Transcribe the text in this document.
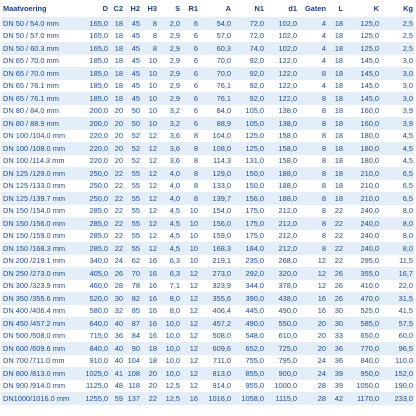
Maatvoering	D	C2	H2	H3	S	R1	A	N1	d1	Gaten	L	K	Kg
DN 50 / 54.0 mm	165,0	18	45	8	2,0	6	54,0	72,0	102,0	4	18	125,0	2,5
DN 50 / 57.0 mm	165,0	18	45	8	2,9	6	57,0	72,0	102,0	4	18	125,0	2,5
DN 50 / 60.3 mm	165,0	18	45	8	2,9	6	60,3	74,0	102,0	4	18	125,0	2,5
DN 65 / 70.0 mm	185,0	18	45	10	2,9	6	70,0	92,0	122,0	4	18	145,0	3,0
DN 65 / 70.0 mm	185,0	18	45	10	2,9	6	70,0	92,0	122,0	8	18	145,0	3,0
DN 65 / 76.1 mm	185,0	18	45	10	2,9	6	76,1	92,0	122,0	4	18	145,0	3,0
DN 65 / 76.1 mm	185,0	18	45	10	2,9	6	76,1	92,0	122,0	8	18	145,0	3,0
DN 80 / 84.0 mm	200,0	20	50	10	3,2	6	84,0	105,0	138,0	8	18	160,0	3,9
DN 80 / 88.9 mm	200,0	20	50	10	3,2	6	88,9	105,0	138,0	8	18	160,0	3,9
DN 100 /104.0 mm	220,0	20	52	12	3,6	8	104,0	125,0	158,0	8	18	180,0	4,5
DN 100 /108.0 mm	220,0	20	52	12	3,6	8	108,0	125,0	158,0	8	18	180,0	4,5
DN 100 /114.3 mm	220,0	20	52	12	3,6	8	114,3	131,0	158,0	8	18	180,0	4,5
DN 125 /129.0 mm	250,0	22	55	12	4,0	8	129,0	150,0	188,0	8	18	210,0	6,5
DN 125 /133.0 mm	250,0	22	55	12	4,0	8	133,0	150,0	188,0	8	18	210,0	6,5
DN 125 /139.7 mm	250,0	22	55	12	4,0	8	139,7	156,0	188,0	8	18	210,0	6,5
DN 150 /154.0 mm	285,0	22	55	12	4,5	10	154,0	175,0	212,0	8	22	240,0	8,0
DN 150 /156.0 mm	285,0	22	55	12	4,5	10	156,0	175,0	212,0	8	22	240,0	8,0
DN 150 /159.0 mm	285,0	22	55	12	4,5	10	159,0	175,0	212,0	8	22	240,0	8,0
DN 150 /168.3 mm	285,0	22	55	12	4,5	10	168,3	184,0	212,0	8	22	240,0	8,0
DN 200 /219.1 mm	340,0	24	62	16	6,3	10	219,1	235,0	268,0	12	22	295,0	11,5
DN 250 /273.0 mm	405,0	26	70	16	6,3	12	273,0	292,0	320,0	12	26	355,0	16,7
DN 300 /323.9 mm	460,0	28	78	16	7,1	12	323,9	344,0	378,0	12	26	410,0	22,0
DN 350 /355.6 mm	520,0	30	82	16	8,0	12	355,6	390,0	438,0	16	26	470,0	31,5
DN 400 /406.4 mm	580,0	32	85	16	8,0	12	406,4	445,0	490,0	16	30	525,0	41,5
DN 450 /457.2 mm	640,0	40	87	16	10,0	12	457,2	490,0	550,0	20	30	585,0	57,5
DN 500 /508.0 mm	715,0	36	84	16	10,0	12	508,0	548,0	610,0	20	33	650,0	60,0
DN 600 /609.6 mm	840,0	40	90	18	10,0	12	609,6	652,0	725,0	20	36	770,0	96,5
DN 700 /711.0 mm	910,0	40	104	18	10,0	12	711,0	755,0	795,0	24	36	840,0	110,0
DN 800 /813.0 mm	1025,0	41	108	20	10,0	12	813,0	855,0	900,0	24	39	950,0	152,0
DN 900 /914.0 mm	1125,0	48	118	20	12,5	12	914,0	955,0	1000,0	28	39	1050,0	190,0
DN1000/1016.0 mm	1255,0	59	137	22	12,5	16	1016,0	1058,0	1115,0	28	42	1170,0	233,0
